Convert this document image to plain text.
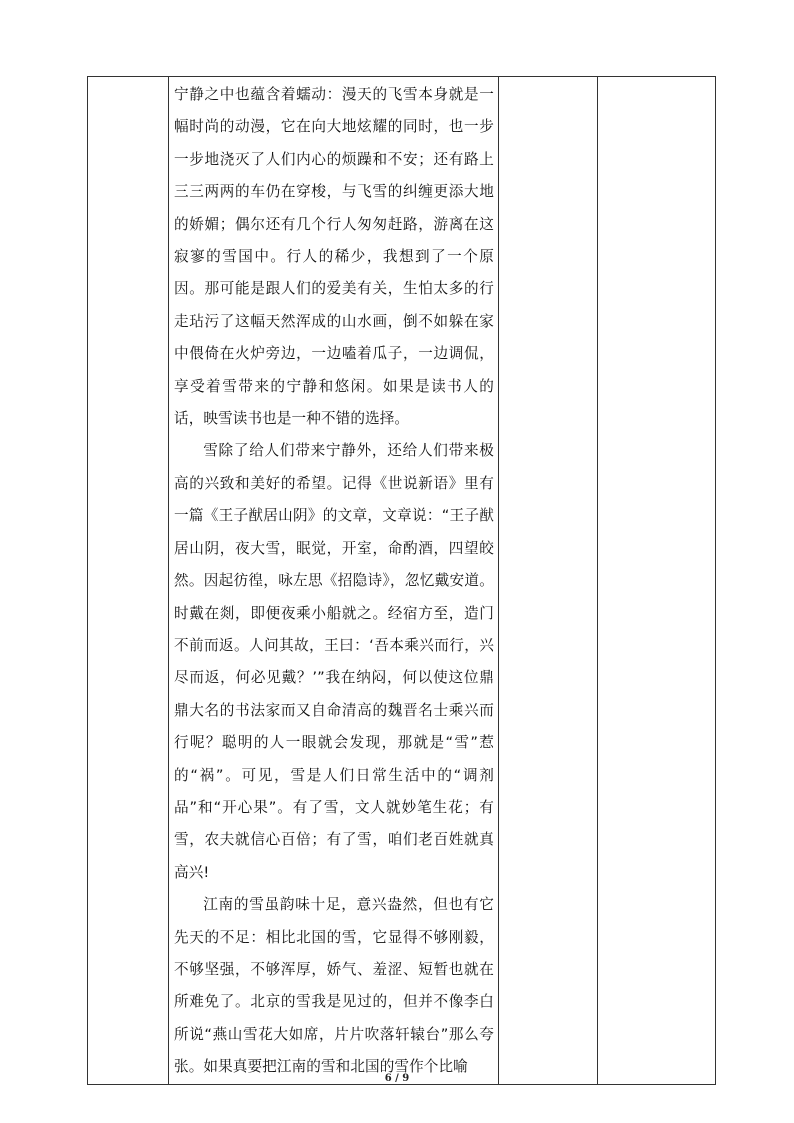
宁静之中也蕴含着蠕动：漫天的飞雪本身就是一幅时尚的动漫，它在向大地炫耀的同时，也一步一步地浇灭了人们内心的烦躁和不安；还有路上三三两两的车仍在穿梭，与飞雪的纠缠更添大地的娇媚；偶尔还有几个行人匆匆赶路，游离在这寂寥的雪国中。行人的稀少，我想到了一个原因。那可能是跟人们的爱美有关，生怕太多的行走玷污了这幅天然浑成的山水画，倒不如躲在家中偎倚在火炉旁边，一边嗑着瓜子，一边调侃，享受着雪带来的宁静和悠闲。如果是读书人的话，映雪读书也是一种不错的选择。

雪除了给人们带来宁静外，还给人们带来极高的兴致和美好的希望。记得《世说新语》里有一篇《王子猷居山阴》的文章，文章说：“王子猷居山阴，夜大雪，眠觉，开室，命酌酒，四望皎然。因起彷徨，咏左思《招隐诗》，忽忆戴安道。时戴在剡，即便夜乘小船就之。经宿方至，造门不前而返。人问其故，王曰：‘吾本乘兴而行，兴尽而返，何必见戴？’”我在纳闷，何以使这位鼎鼎大名的书法家而又自命清高的魏晋名士乘兴而行呢？聪明的人一眼就会发现，那就是“雪”惹的“祸”。可见，雪是人们日常生活中的“调剂品”和“开心果”。有了雪，文人就妙笔生花；有雪，农夫就信心百倍；有了雪，咱们老百姓就真高兴!

江南的雪虽韵味十足，意兴盎然，但也有它先天的不足：相比北国的雪，它显得不够刚毅，不够坚强，不够浑厚，娇气、羞涩、短暂也就在所难免了。北京的雪我是见过的，但并不像李白所说“燕山雪花大如席，片片吹落轩辕台”那么夸张。如果真要把江南的雪和北国的雪作个比喻

6 / 9
